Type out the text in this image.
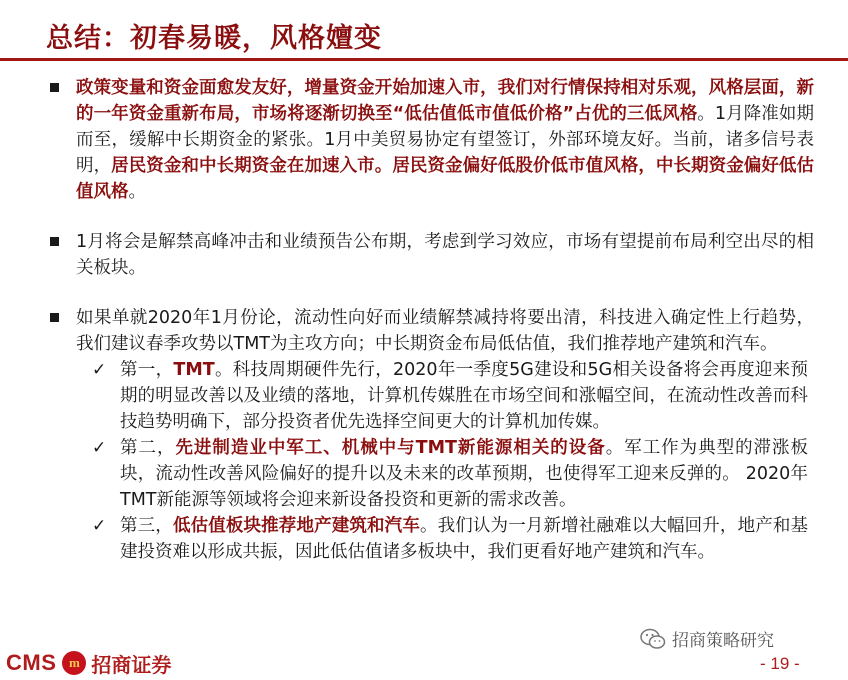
总结：初春易暖，风格嬗变
政策变量和资金面愈发友好，增量资金开始加速入市，我们对行情保持相对乐观，风格层面，新的一年资金重新布局，市场将逐渐切换至“低估值低市值低价格”占优的三低风格。1月降准如期而至，缓解中长期资金的紧张。1月中美贸易协定有望签订，外部环境友好。当前，诸多信号表明，居民资金和中长期资金在加速入市。居民资金偏好低股价低市值风格，中长期资金偏好低估值风格。
1月将会是解禁高峰冲击和业绩预告公布期，考虑到学习效应，市场有望提前布局利空出尽的相关板块。
如果单就2020年1月份论，流动性向好而业绩解禁减持将要出清，科技进入确定性上行趋势，我们建议春季攻势以TMT为主攻方向；中长期资金布局低估值，我们推荐地产建筑和汽车。
✓ 第一，TMT。科技周期硬件先行，2020年一季度5G建设和5G相关设备将会再度迎来预期的明显改善以及业绩的落地，计算机传媒胜在市场空间和涨幅空间，在流动性改善而科技趋势明确下，部分投资者优先选择空间更大的计算机加传媒。
✓ 第二，先进制造业中军工、机械中与TMT新能源相关的设备。军工作为典型的滞涨板块，流动性改善风险偏好的提升以及未来的改革预期，也使得军工迎来反弹的。 2020年TMT新能源等领域将会迎来新设备投资和更新的需求改善。
✓ 第三，低估值板块推荐地产建筑和汽车。我们认为一月新增社融难以大幅回升，地产和基建投资难以形成共振，因此低估值诸多板块中，我们更看好地产建筑和汽车。
CMS m 招商证券
招商策略研究
- 19 -
